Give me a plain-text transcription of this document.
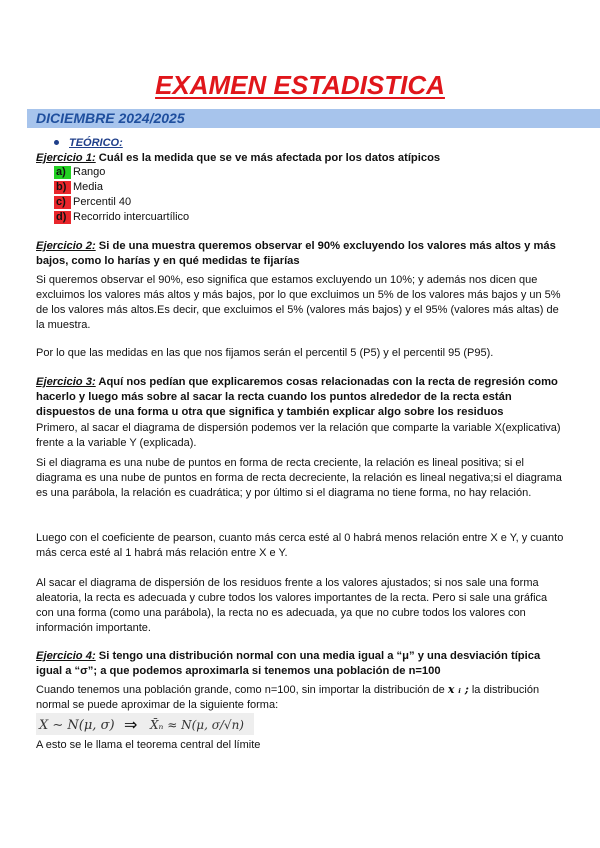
EXAMEN ESTADISTICA
DICIEMBRE 2024/2025
TEÓRICO:
Ejercicio 1: Cuál es la medida que se ve más afectada por los datos atípicos
a) Rango
b) Media
c) Percentil 40
d) Recorrido intercuartílico
Ejercicio 2: Si de una muestra queremos observar el 90% excluyendo los valores más altos y más bajos, como lo harías y en qué medidas te fijarías
Si queremos observar el 90%, eso significa que estamos excluyendo un 10%; y además nos dicen que excluimos los valores más altos y más bajos, por lo que excluimos un 5% de los valores más bajos y un 5% de los valores más altos.Es decir, que excluimos el 5% (valores más bajos) y el 95% (valores más altas) de la muestra.
Por lo que las medidas en las que nos fijamos serán el percentil 5 (P5) y el percentil 95 (P95).
Ejercicio 3: Aquí nos pedían que explicaremos cosas relacionadas con la recta de regresión como hacerlo y luego más sobre al sacar la recta cuando los puntos alrededor de la recta están dispuestos de una forma u otra que significa y también explicar algo sobre los residuos
Primero, al sacar el diagrama de dispersión podemos ver la relación que comparte la variable X(explicativa) frente a la variable Y (explicada).
Si el diagrama es una nube de puntos en forma de recta creciente, la relación es lineal positiva; si el diagrama es una nube de puntos en forma de recta decreciente, la relación es lineal negativa;si el diagrama es una parábola, la relación es cuadrática; y por último si el diagrama no tiene forma, no hay relación.
Luego con el coeficiente de pearson, cuanto más cerca esté al 0 habrá menos relación entre X e Y, y cuanto más cerca esté al 1 habrá más relación entre X e Y.
Al sacar el diagrama de dispersión de los residuos frente a los valores ajustados; si nos sale una forma aleatoria, la recta es adecuada y cubre todos los valores importantes de la recta. Pero si sale una gráfica con una forma (como una parábola), la recta no es adecuada, ya que no cubre todos los valores con información importante.
Ejercicio 4: Si tengo una distribución normal con una media igual a “μ” y una desviación típica igual a “σ”; a que podemos aproximarla si tenemos una población de n=100
Cuando tenemos una población grande, como n=100, sin importar la distribución de x ᵢ ; la distribución normal se puede aproximar de la siguiente forma:
X ∼ N(μ, σ) ⇒ X̄ₙ ≈ N(μ, σ/√n)
A esto se le llama el teorema central del límite
